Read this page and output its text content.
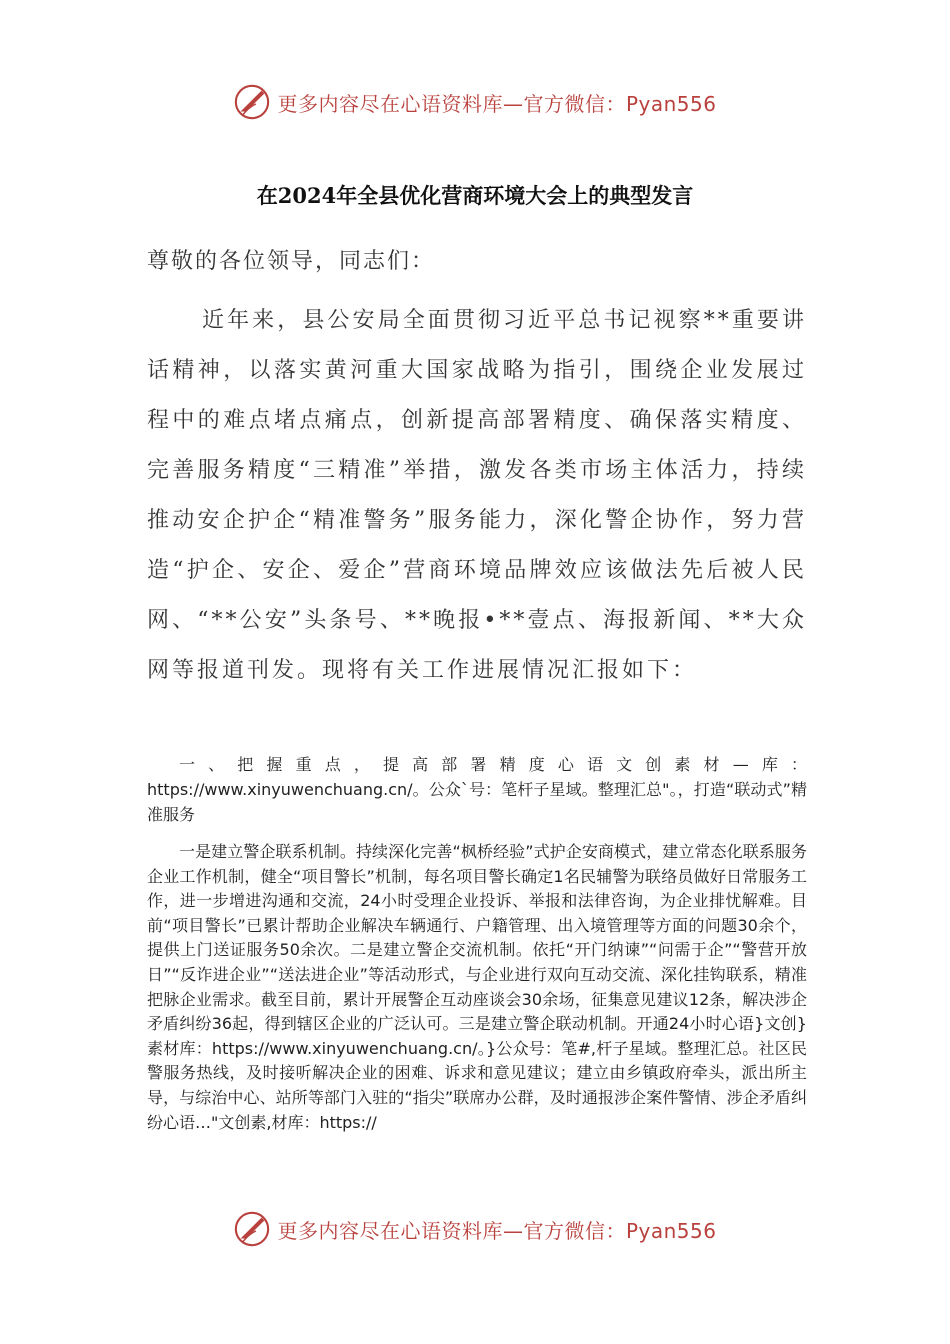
更多内容尽在心语资料库—官方微信：Pyan556
在2024年全县优化营商环境大会上的典型发言
尊敬的各位领导，同志们：
近年来，县公安局全面贯彻习近平总书记视察**重要讲话精神，以落实黄河重大国家战略为指引，围绕企业发展过程中的难点堵点痛点，创新提高部署精度、确保落实精度、完善服务精度“三精准”举措，激发各类市场主体活力，持续推动安企护企“精准警务”服务能力，深化警企协作，努力营造“护企、安企、爱企”营商环境品牌效应该做法先后被人民网、“**公安”头条号、**晚报•**壹点、海报新闻、**大众网等报道刊发。现将有关工作进展情况汇报如下：
一、把握重点，提高部署精度心语文创素材—库：https://www.xinyuwenchuang.cn/。公众`号：笔杆子星域。整理汇总"。，打造“联动式”精准服务
一是建立警企联系机制。持续深化完善“枫桥经验”式护企安商模式，建立常态化联系服务企业工作机制，健全“项目警长”机制，每名项目警长确定1名民辅警为联络员做好日常服务工作，进一步增进沟通和交流，24小时受理企业投诉、举报和法律咨询，为企业排忧解难。目前“项目警长”已累计帮助企业解决车辆通行、户籍管理、出入境管理等方面的问题30余个，提供上门送证服务50余次。二是建立警企交流机制。依托“开门纳谏”“问需于企”“警营开放日”“反诈进企业”“送法进企业”等活动形式，与企业进行双向互动交流、深化挂钩联系，精准把脉企业需求。截至目前，累计开展警企互动座谈会30余场，征集意见建议12条，解决涉企矛盾纠纷36起，得到辖区企业的广泛认可。三是建立警企联动机制。开通24小时心语}文创}素材库：https://www.xinyuwenchuang.cn/。}公众号：笔#,杆子星域。整理汇总。社区民警服务热线，及时接听解决企业的困难、诉求和意见建议；建立由乡镇政府牵头，派出所主导，与综治中心、站所等部门入驻的“指尖”联席办公群，及时通报涉企案件警情、涉企矛盾纠纷心语…"文创素,材库：https://
更多内容尽在心语资料库—官方微信：Pyan556
